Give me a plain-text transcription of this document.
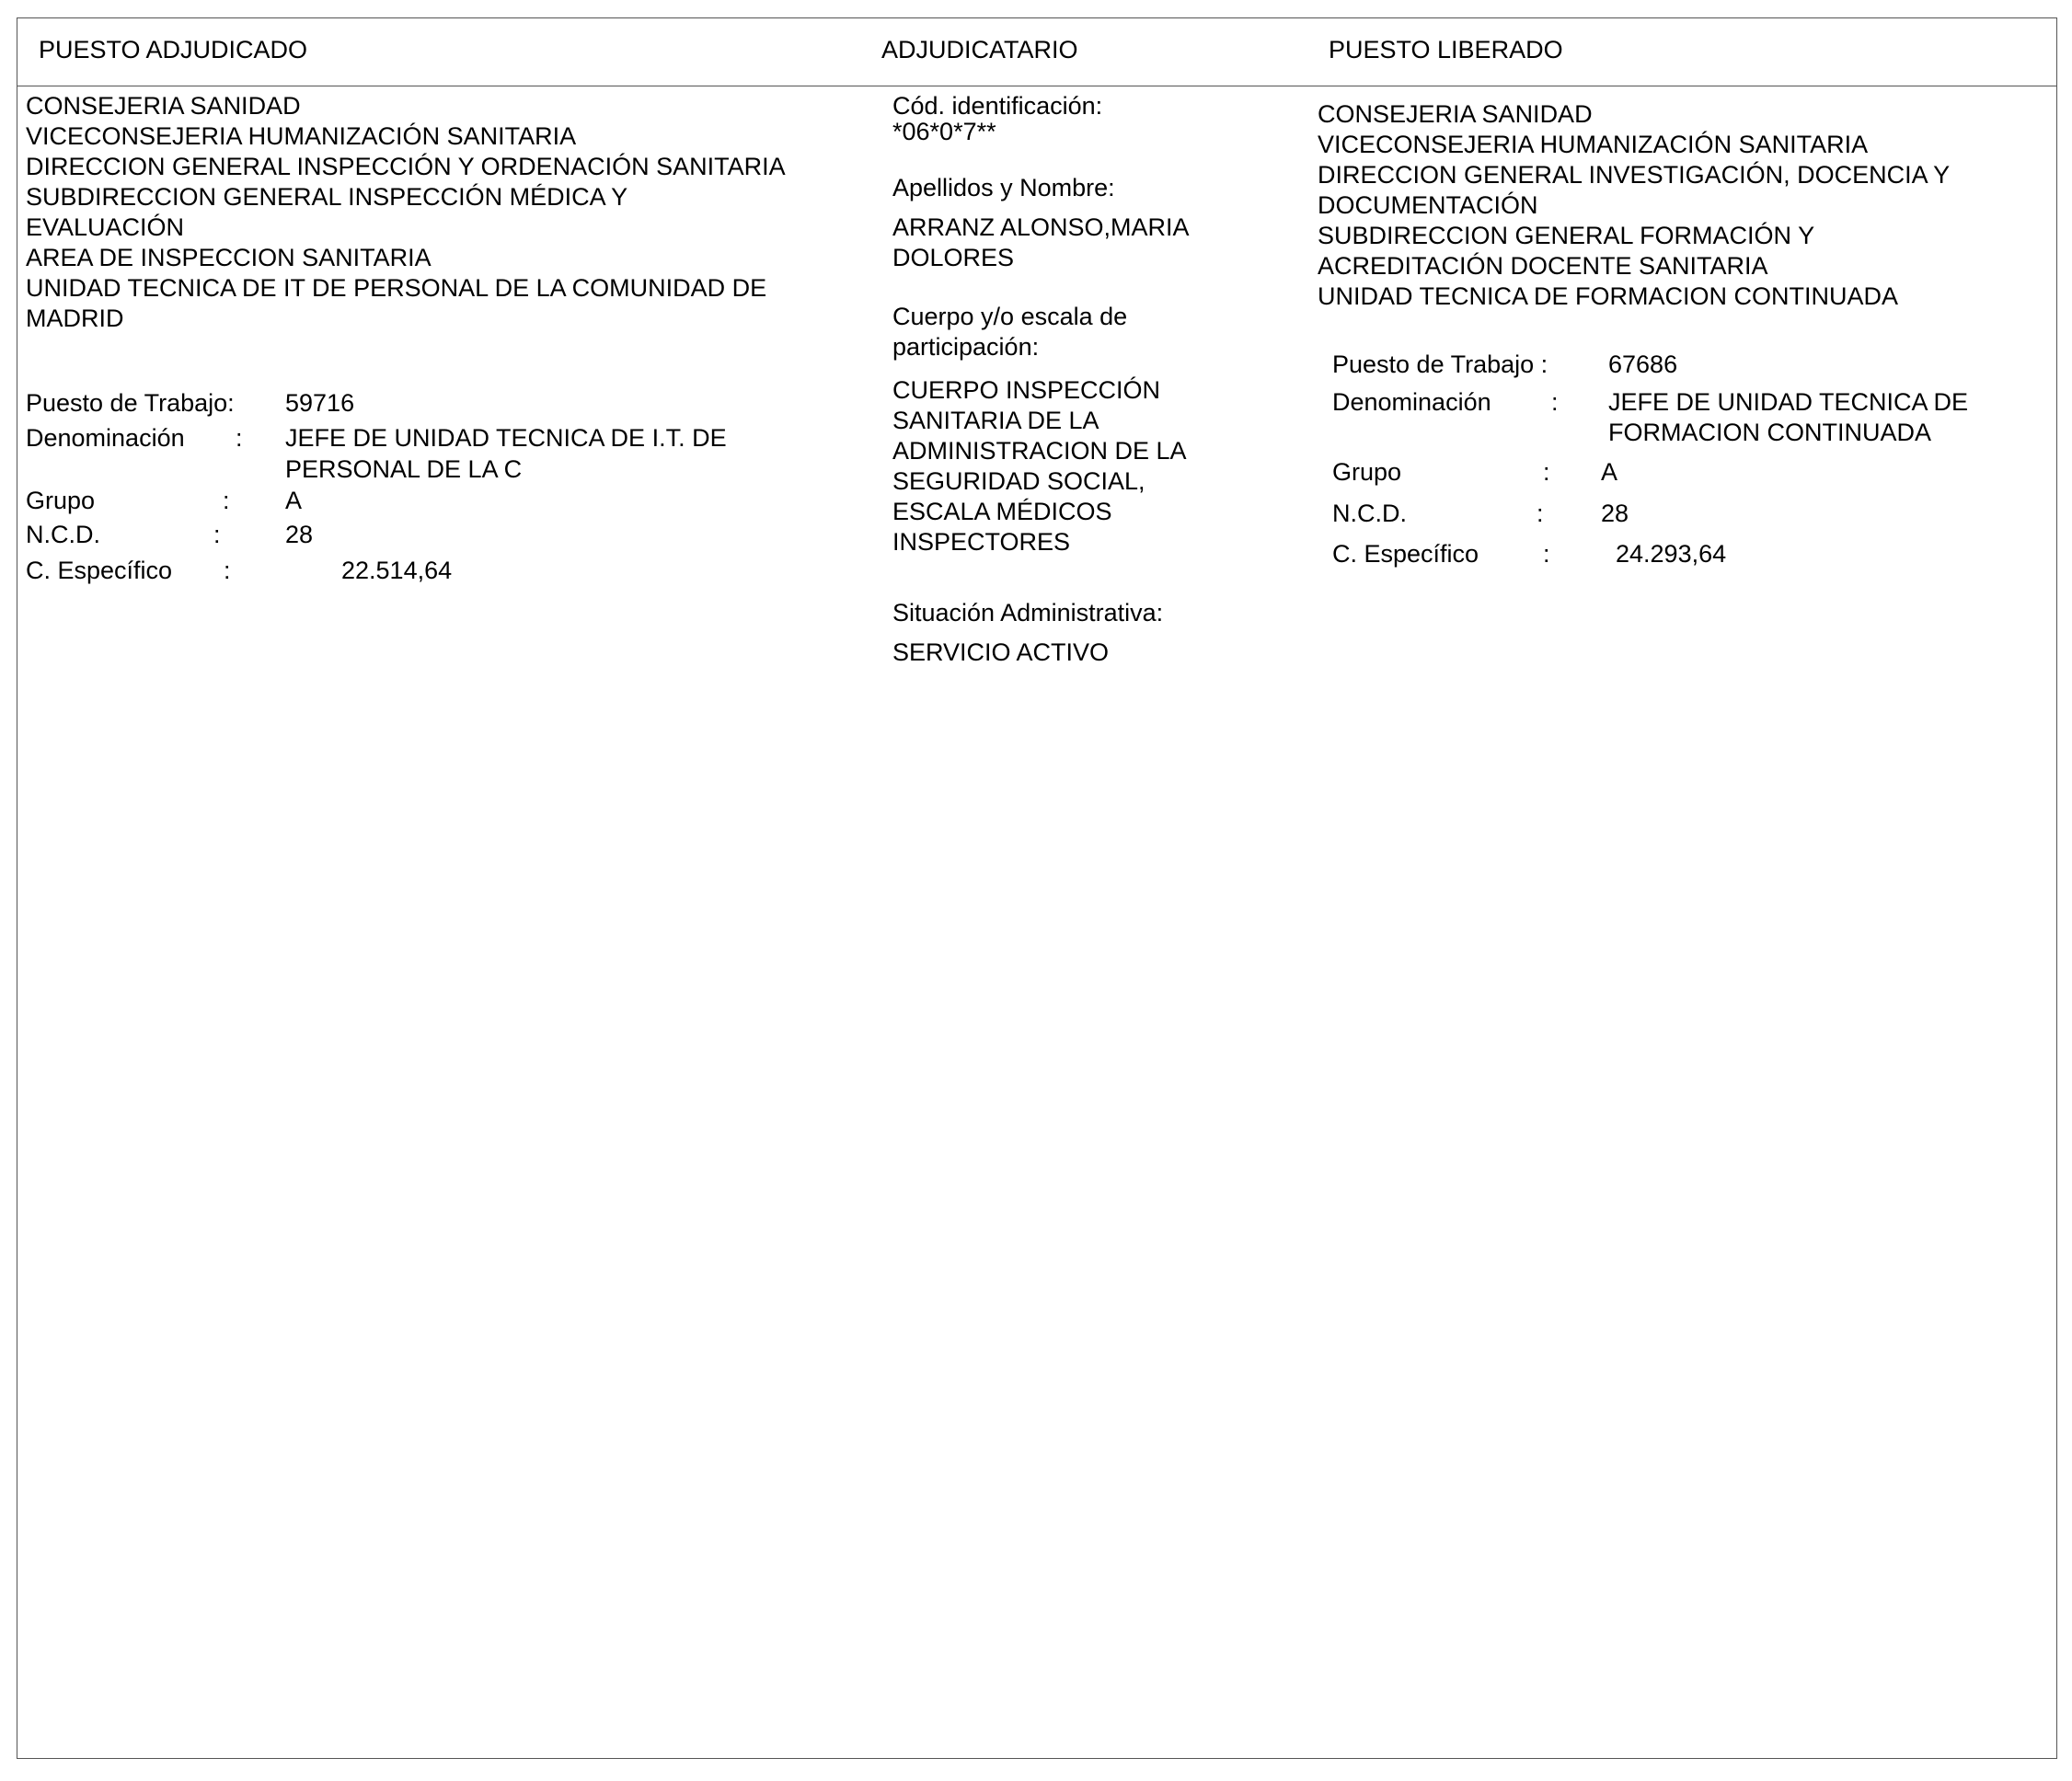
PUESTO ADJUDICADO	ADJUDICATARIO	PUESTO LIBERADO
CONSEJERIA SANIDAD
VICECONSEJERIA HUMANIZACIÓN SANITARIA
DIRECCION GENERAL INSPECCIÓN Y ORDENACIÓN SANITARIA
SUBDIRECCION GENERAL INSPECCIÓN MÉDICA Y
EVALUACIÓN
AREA DE INSPECCION SANITARIA
UNIDAD TECNICA DE IT DE PERSONAL DE LA COMUNIDAD DE
MADRID
Puesto de Trabajo: 59716
Denominación : JEFE DE UNIDAD TECNICA DE I.T. DE
PERSONAL DE LA C
Grupo	: A
N.C.D.	:	28
C. Específico :	22.514,64
Cód. identificación:
*06*0*7**
Apellidos y Nombre:
ARRANZ ALONSO,MARIA
DOLORES
Cuerpo y/o escala de
participación:
CUERPO INSPECCIÓN
SANITARIA DE LA
ADMINISTRACION DE LA
SEGURIDAD SOCIAL,
ESCALA MÉDICOS
INSPECTORES
Situación Administrativa:
SERVICIO ACTIVO
CONSEJERIA SANIDAD
VICECONSEJERIA HUMANIZACIÓN SANITARIA
DIRECCION GENERAL INVESTIGACIÓN, DOCENCIA Y
DOCUMENTACIÓN
SUBDIRECCION GENERAL FORMACIÓN Y
ACREDITACIÓN DOCENTE SANITARIA
UNIDAD TECNICA DE FORMACION CONTINUADA
Puesto de Trabajo : 67686
Denominación : JEFE DE UNIDAD TECNICA DE
FORMACION CONTINUADA
Grupo	: A
N.C.D.	: 28
C. Específico	:	24.293,64
